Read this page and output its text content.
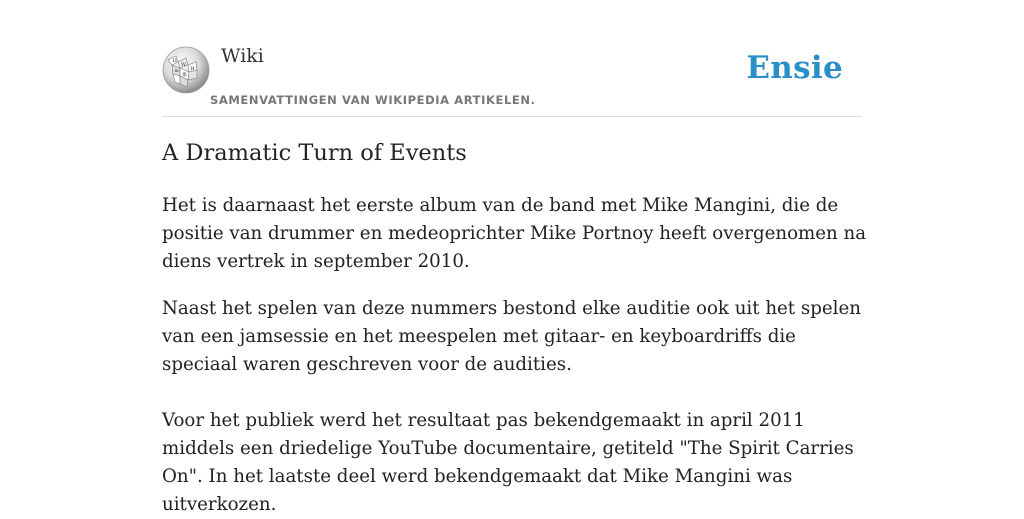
Ω
W
И
ш
維
Wiki
SAMENVATTINGEN VAN WIKIPEDIA ARTIKELEN.
Ensie
A Dramatic Turn of Events

Het is daarnaast het eerste album van de band met Mike Mangini, die de positie van drummer en medeoprichter Mike Portnoy heeft overgenomen na diens vertrek in september 2010.

Naast het spelen van deze nummers bestond elke auditie ook uit het spelen van een jamsessie en het meespelen met gitaar- en keyboardriffs die speciaal waren geschreven voor de audities.

Voor het publiek werd het resultaat pas bekendgemaakt in april 2011 middels een driedelige YouTube documentaire, getiteld "The Spirit Carries On". In het laatste deel werd bekendgemaakt dat Mike Mangini was uitverkozen.
